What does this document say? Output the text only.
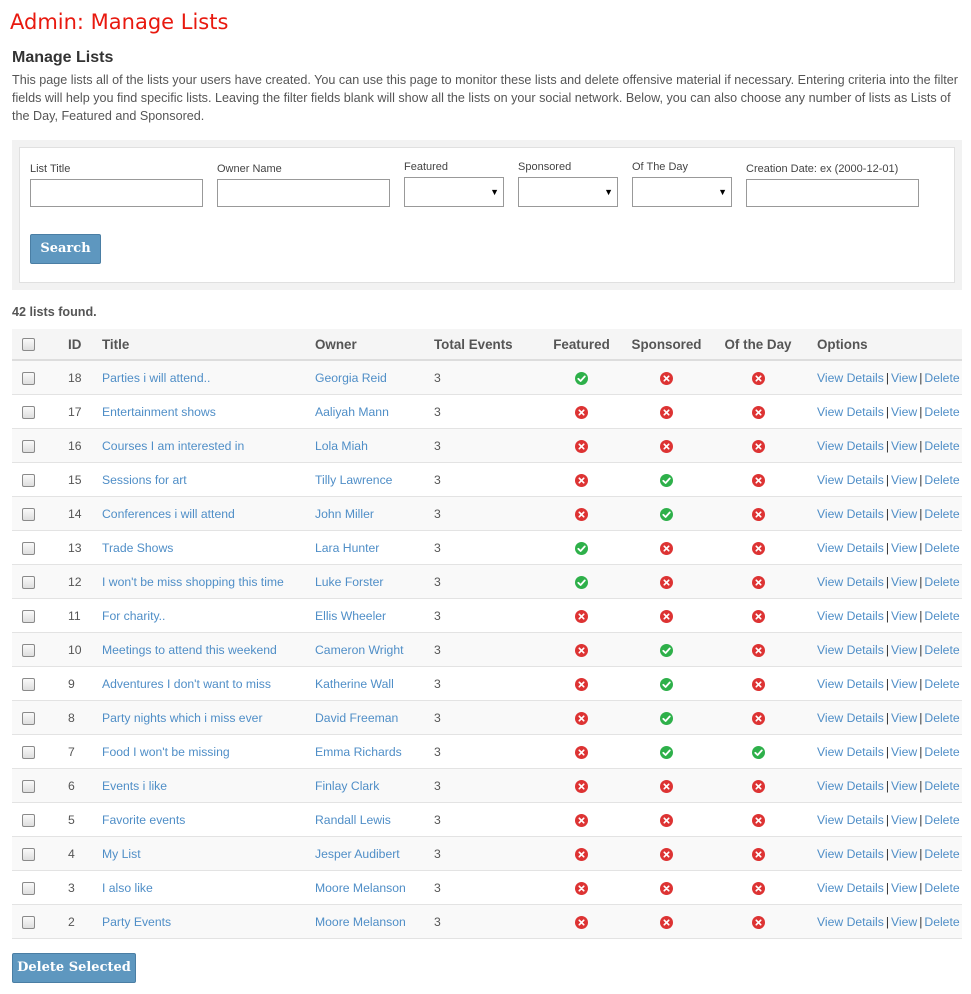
Admin: Manage Lists
Manage Lists
This page lists all of the lists your users have created. You can use this page to monitor these lists and delete offensive material if necessary. Entering criteria into the filter fields will help you find specific lists. Leaving the filter fields blank will show all the lists on your social network. Below, you can also choose any number of lists as Lists of the Day, Featured and Sponsored.
List Title	Owner Name	Featured
▼
Sponsored
▼
Of The Day
▼
Creation Date: ex (2000-12-01)
Search
42 lists found.
	ID	Title	Owner	Total Events	Featured	Sponsored	Of the Day	Options
	18	Parties i will attend..	Georgia Reid	3				View Details | View | Delete
	17	Entertainment shows	Aaliyah Mann	3				View Details | View | Delete
	16	Courses I am interested in	Lola Miah	3				View Details | View | Delete
	15	Sessions for art	Tilly Lawrence	3				View Details | View | Delete
	14	Conferences i will attend	John Miller	3				View Details | View | Delete
	13	Trade Shows	Lara Hunter	3				View Details | View | Delete
	12	I won't be miss shopping this time	Luke Forster	3				View Details | View | Delete
	11	For charity..	Ellis Wheeler	3				View Details | View | Delete
	10	Meetings to attend this weekend	Cameron Wright	3				View Details | View | Delete
	9	Adventures I don't want to miss	Katherine Wall	3				View Details | View | Delete
	8	Party nights which i miss ever	David Freeman	3				View Details | View | Delete
	7	Food I won't be missing	Emma Richards	3				View Details | View | Delete
	6	Events i like	Finlay Clark	3				View Details | View | Delete
	5	Favorite events	Randall Lewis	3				View Details | View | Delete
	4	My List	Jesper Audibert	3				View Details | View | Delete
	3	I also like	Moore Melanson	3				View Details | View | Delete
	2	Party Events	Moore Melanson	3				View Details | View | Delete
Delete Selected
